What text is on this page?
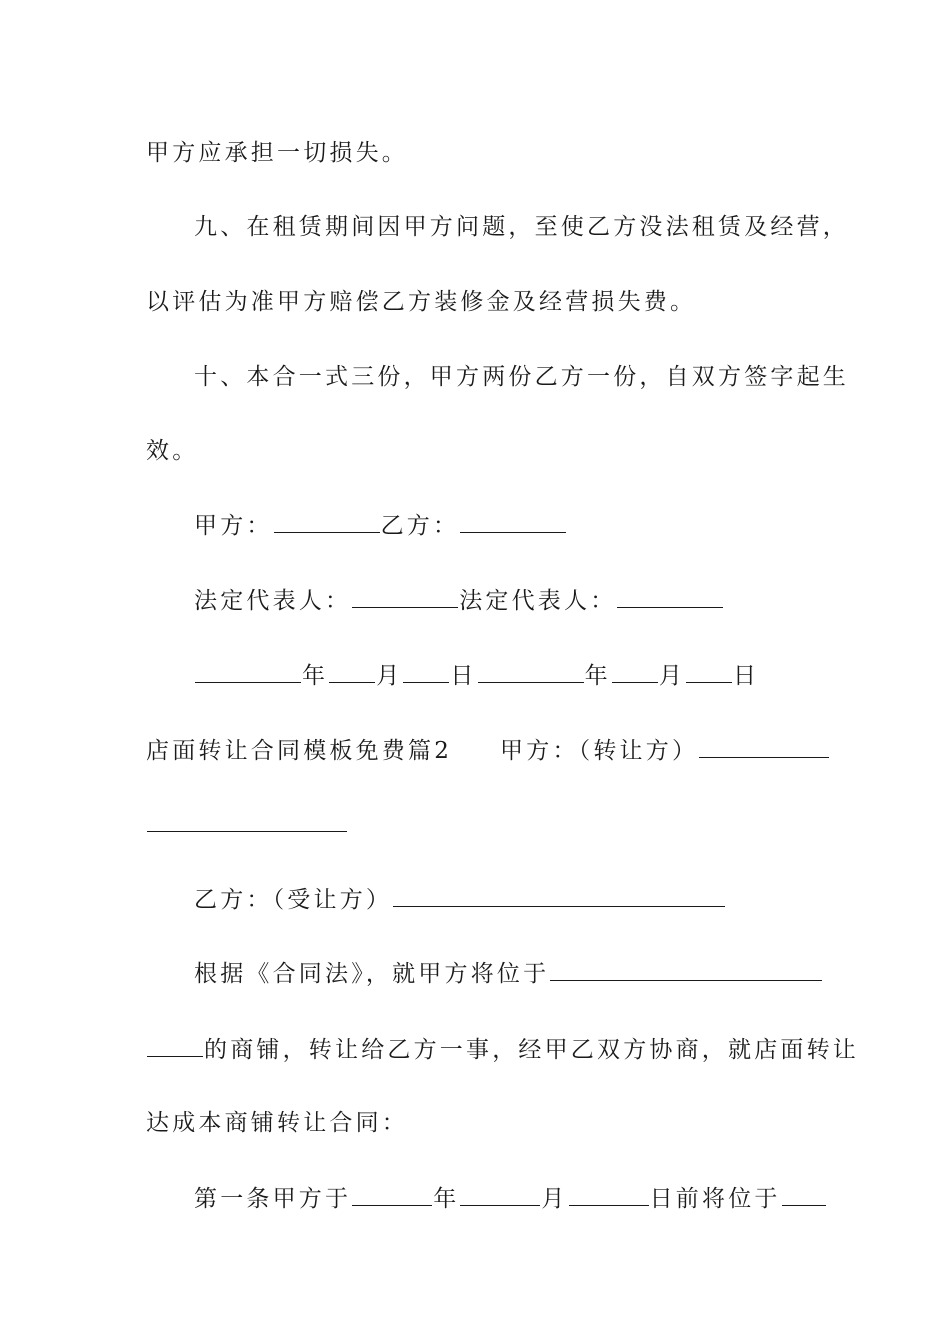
甲方应承担一切损失。
九、在租赁期间因甲方问题，至使乙方没法租赁及经营，
以评估为准甲方赔偿乙方装修金及经营损失费。
十、本合一式三份，甲方两份乙方一份，自双方签字起生
效。
甲方：	乙方：
法定代表人：	法定代表人：
年 月 日	年 月 日
店面转让合同模板免费篇2 甲方：（转让方）
乙方：（受让方）
根据《合同法》，就甲方将位于
的商铺，转让给乙方一事，经甲乙双方协商，就店面转让
达成本商铺转让合同：
第一条甲方于	年	月	日前将位于
